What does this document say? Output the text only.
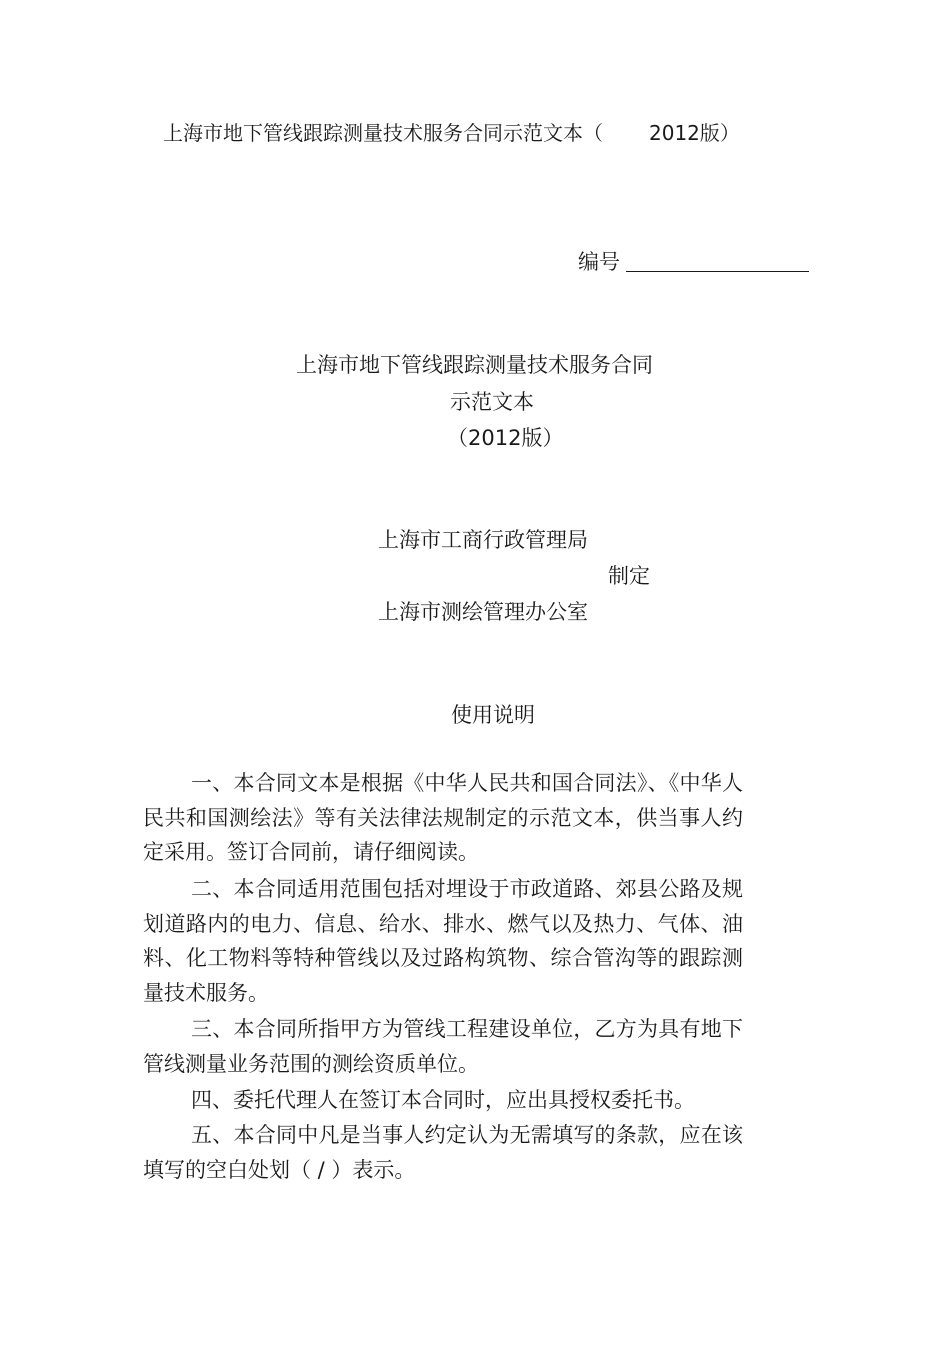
上海市地下管线跟踪测量技术服务合同示范文本（ 2012版）
编号
上海市地下管线跟踪测量技术服务合同
示范文本
（2012版）
上海市工商行政管理局
制定
上海市测绘管理办公室
使用说明
一、本合同文本是根据《中华人民共和国合同法》、《中华人民共和国测绘法》等有关法律法规制定的示范文本，供当事人约定采用。签订合同前，请仔细阅读。
二、本合同适用范围包括对埋设于市政道路、郊县公路及规划道路内的电力、信息、给水、排水、燃气以及热力、气体、油料、化工物料等特种管线以及过路构筑物、综合管沟等的跟踪测量技术服务。
三、本合同所指甲方为管线工程建设单位，乙方为具有地下管线测量业务范围的测绘资质单位。
四、委托代理人在签订本合同时，应出具授权委托书。
五、本合同中凡是当事人约定认为无需填写的条款，应在该填写的空白处划（ / ）表示。
